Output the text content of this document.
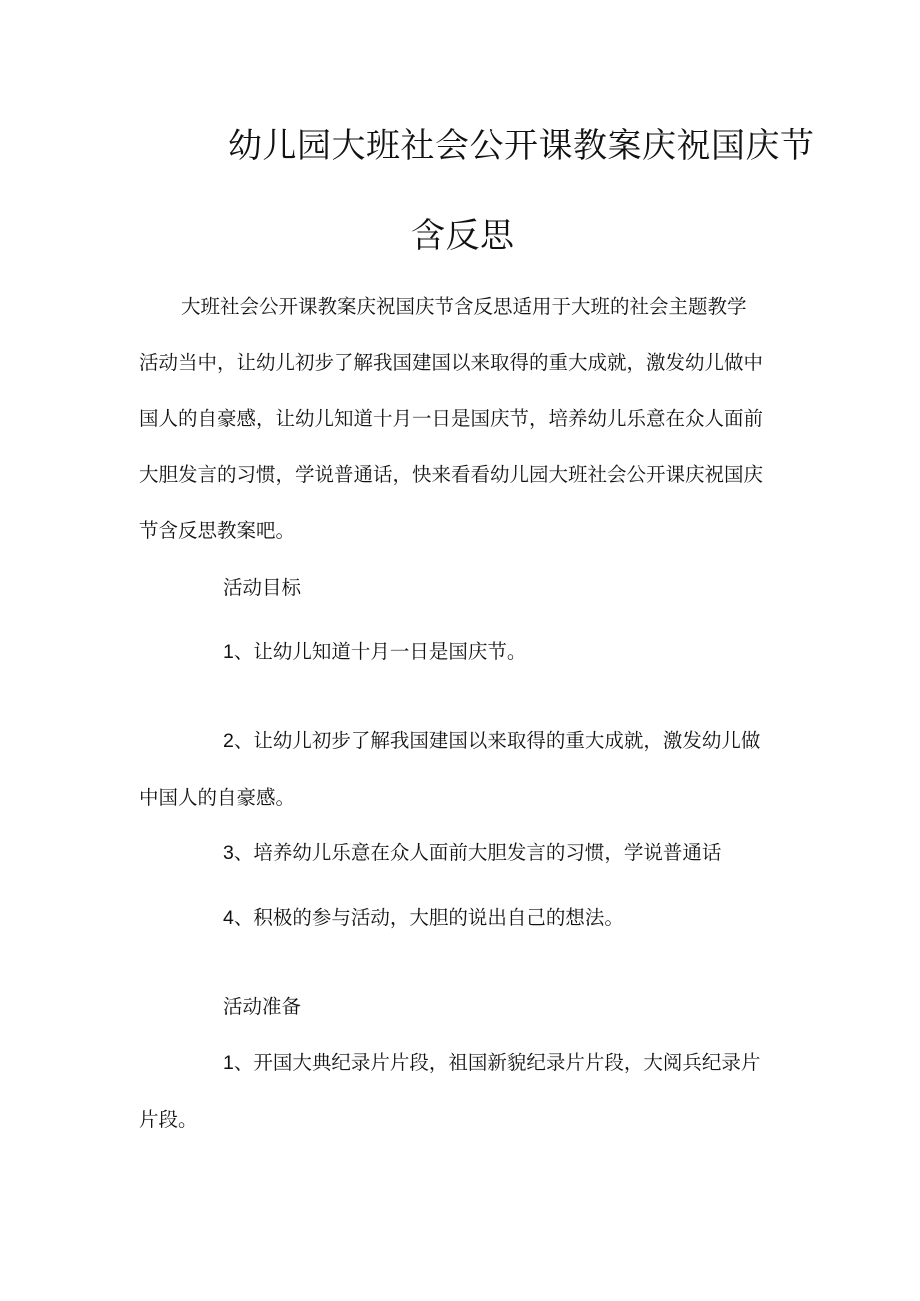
幼儿园大班社会公开课教案庆祝国庆节
含反思
大班社会公开课教案庆祝国庆节含反思适用于大班的社会主题教学
活动当中，让幼儿初步了解我国建国以来取得的重大成就，激发幼儿做中
国人的自豪感，让幼儿知道十月一日是国庆节，培养幼儿乐意在众人面前
大胆发言的习惯，学说普通话，快来看看幼儿园大班社会公开课庆祝国庆
节含反思教案吧。
活动目标
1、让幼儿知道十月一日是国庆节。
2、让幼儿初步了解我国建国以来取得的重大成就，激发幼儿做
中国人的自豪感。
3、培养幼儿乐意在众人面前大胆发言的习惯，学说普通话
4、积极的参与活动，大胆的说出自己的想法。
活动准备
1、开国大典纪录片片段，祖国新貌纪录片片段，大阅兵纪录片
片段。
